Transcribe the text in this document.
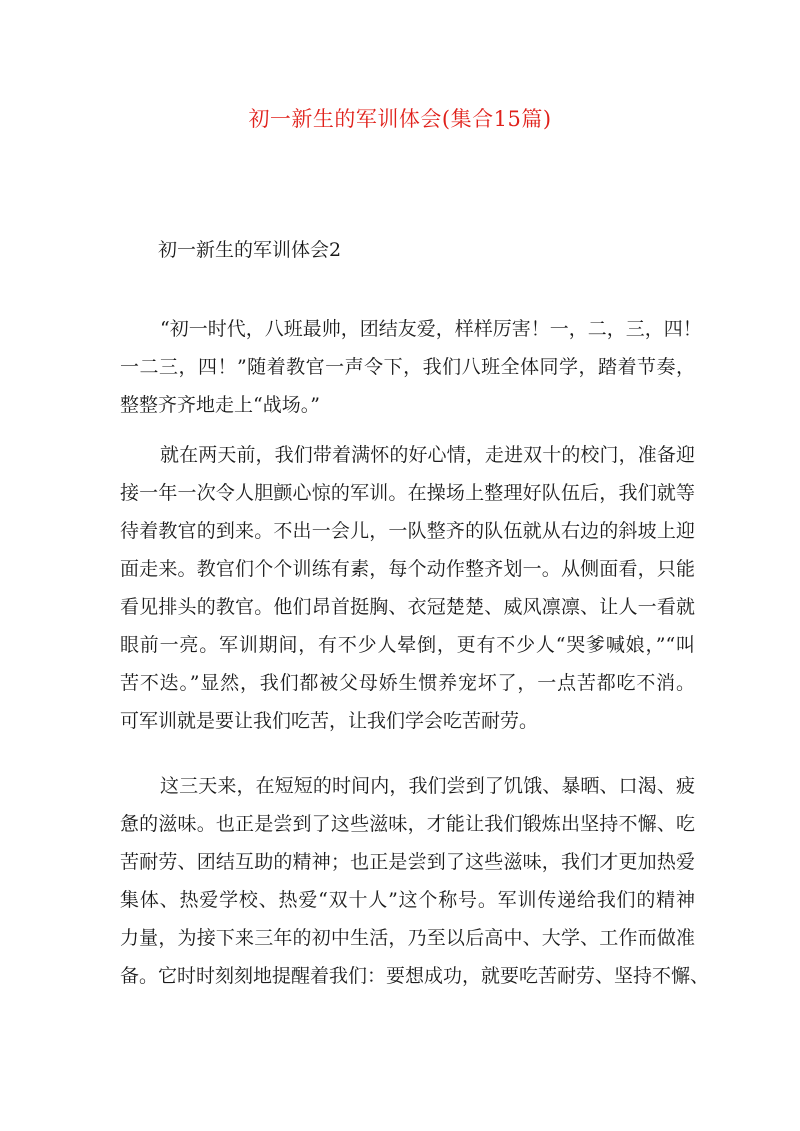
初一新生的军训体会(集合15篇)
初一新生的军训体会2
“初一时代，八班最帅，团结友爱，样样厉害！一，二，三，四！
一二三，四！”随着教官一声令下，我们八班全体同学，踏着节奏，
整整齐齐地走上“战场。”
就在两天前，我们带着满怀的好心情，走进双十的校门，准备迎
接一年一次令人胆颤心惊的军训。在操场上整理好队伍后，我们就等
待着教官的到来。不出一会儿，一队整齐的队伍就从右边的斜坡上迎
面走来。教官们个个训练有素，每个动作整齐划一。从侧面看，只能
看见排头的教官。他们昂首挺胸、衣冠楚楚、威风凛凛、让人一看就
眼前一亮。军训期间，有不少人晕倒，更有不少人“哭爹喊娘，”“叫
苦不迭。”显然，我们都被父母娇生惯养宠坏了，一点苦都吃不消。
可军训就是要让我们吃苦，让我们学会吃苦耐劳。
这三天来，在短短的时间内，我们尝到了饥饿、暴晒、口渴、疲
惫的滋味。也正是尝到了这些滋味，才能让我们锻炼出坚持不懈、吃
苦耐劳、团结互助的精神；也正是尝到了这些滋味，我们才更加热爱
集体、热爱学校、热爱“双十人”这个称号。军训传递给我们的精神
力量，为接下来三年的初中生活，乃至以后高中、大学、工作而做准
备。它时时刻刻地提醒着我们：要想成功，就要吃苦耐劳、坚持不懈、
